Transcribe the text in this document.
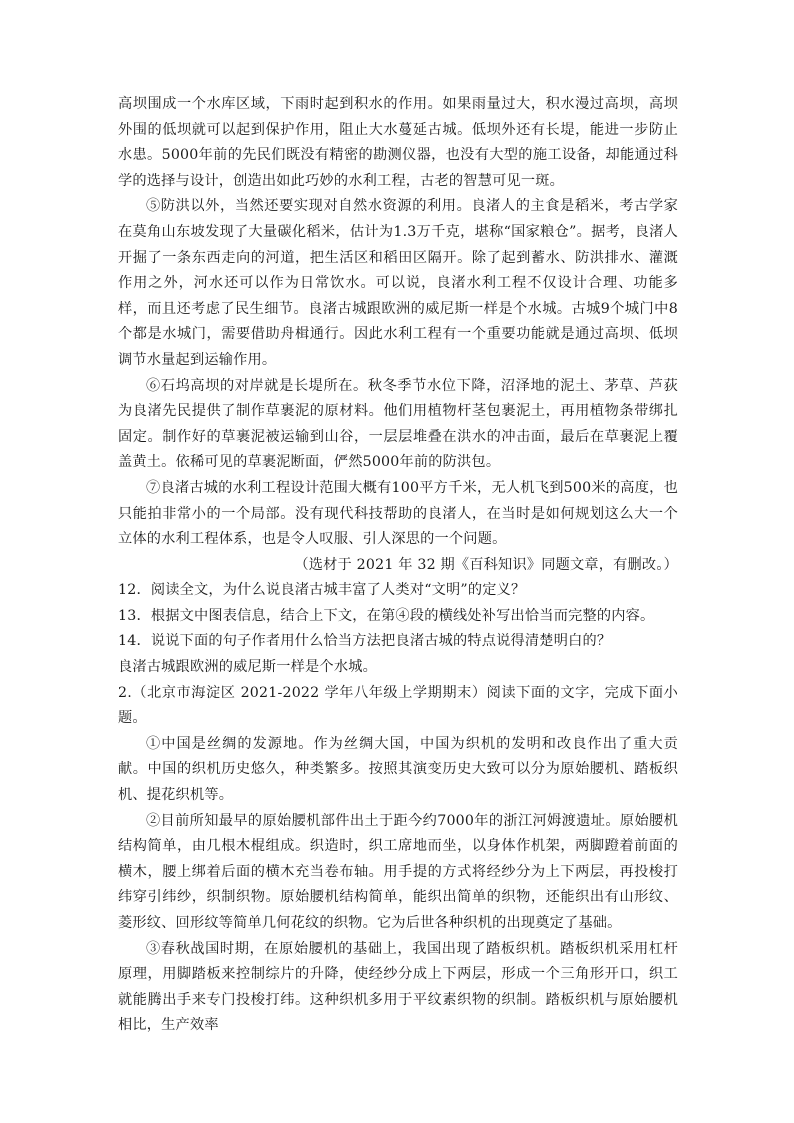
高坝围成一个水库区域，下雨时起到积水的作用。如果雨量过大，积水漫过高坝，高坝外围的低坝就可以起到保护作用，阻止大水蔓延古城。低坝外还有长堤，能进一步防止水患。5000年前的先民们既没有精密的勘测仪器，也没有大型的施工设备，却能通过科学的选择与设计，创造出如此巧妙的水利工程，古老的智慧可见一斑。

⑤防洪以外，当然还要实现对自然水资源的利用。良渚人的主食是稻米，考古学家在莫角山东坡发现了大量碳化稻米，估计为1.3万千克，堪称“国家粮仓”。据考，良渚人开掘了一条东西走向的河道，把生活区和稻田区隔开。除了起到蓄水、防洪排水、灌溉作用之外，河水还可以作为日常饮水。可以说，良渚水利工程不仅设计合理、功能多样，而且还考虑了民生细节。良渚古城跟欧洲的威尼斯一样是个水城。古城9个城门中8个都是水城门，需要借助舟楫通行。因此水利工程有一个重要功能就是通过高坝、低坝调节水量起到运输作用。

⑥石坞高坝的对岸就是长堤所在。秋冬季节水位下降，沼泽地的泥土、茅草、芦荻为良渚先民提供了制作草裹泥的原材料。他们用植物杆茎包裹泥土，再用植物条带绑扎固定。制作好的草裹泥被运输到山谷，一层层堆叠在洪水的冲击面，最后在草裹泥上覆盖黄土。依稀可见的草裹泥断面，俨然5000年前的防洪包。

⑦良渚古城的水利工程设计范围大概有100平方千米，无人机飞到500米的高度，也只能拍非常小的一个局部。没有现代科技帮助的良渚人，在当时是如何规划这么大一个立体的水利工程体系，也是令人叹服、引人深思的一个问题。

（选材于 2021 年 32 期《百科知识》同题文章，有删改。）

12．阅读全文，为什么说良渚古城丰富了人类对“文明”的定义？

13．根据文中图表信息，结合上下文，在第④段的横线处补写出恰当而完整的内容。

14．说说下面的句子作者用什么恰当方法把良渚古城的特点说得清楚明白的？

良渚古城跟欧洲的威尼斯一样是个水城。

2.（北京市海淀区 2021-2022 学年八年级上学期期末）阅读下面的文字，完成下面小题。

①中国是丝绸的发源地。作为丝绸大国，中国为织机的发明和改良作出了重大贡献。中国的织机历史悠久，种类繁多。按照其演变历史大致可以分为原始腰机、踏板织机、提花织机等。

②目前所知最早的原始腰机部件出土于距今约7000年的浙江河姆渡遗址。原始腰机结构简单，由几根木棍组成。织造时，织工席地而坐，以身体作机架，两脚蹬着前面的横木，腰上绑着后面的横木充当卷布轴。用手提的方式将经纱分为上下两层，再投梭打纬穿引纬纱，织制织物。原始腰机结构简单，能织出简单的织物，还能织出有山形纹、菱形纹、回形纹等简单几何花纹的织物。它为后世各种织机的出现奠定了基础。

③春秋战国时期，在原始腰机的基础上，我国出现了踏板织机。踏板织机采用杠杆原理，用脚踏板来控制综片的升降，使经纱分成上下两层，形成一个三角形开口，织工就能腾出手来专门投梭打纬。这种织机多用于平纹素织物的织制。踏板织机与原始腰机相比，生产效率
